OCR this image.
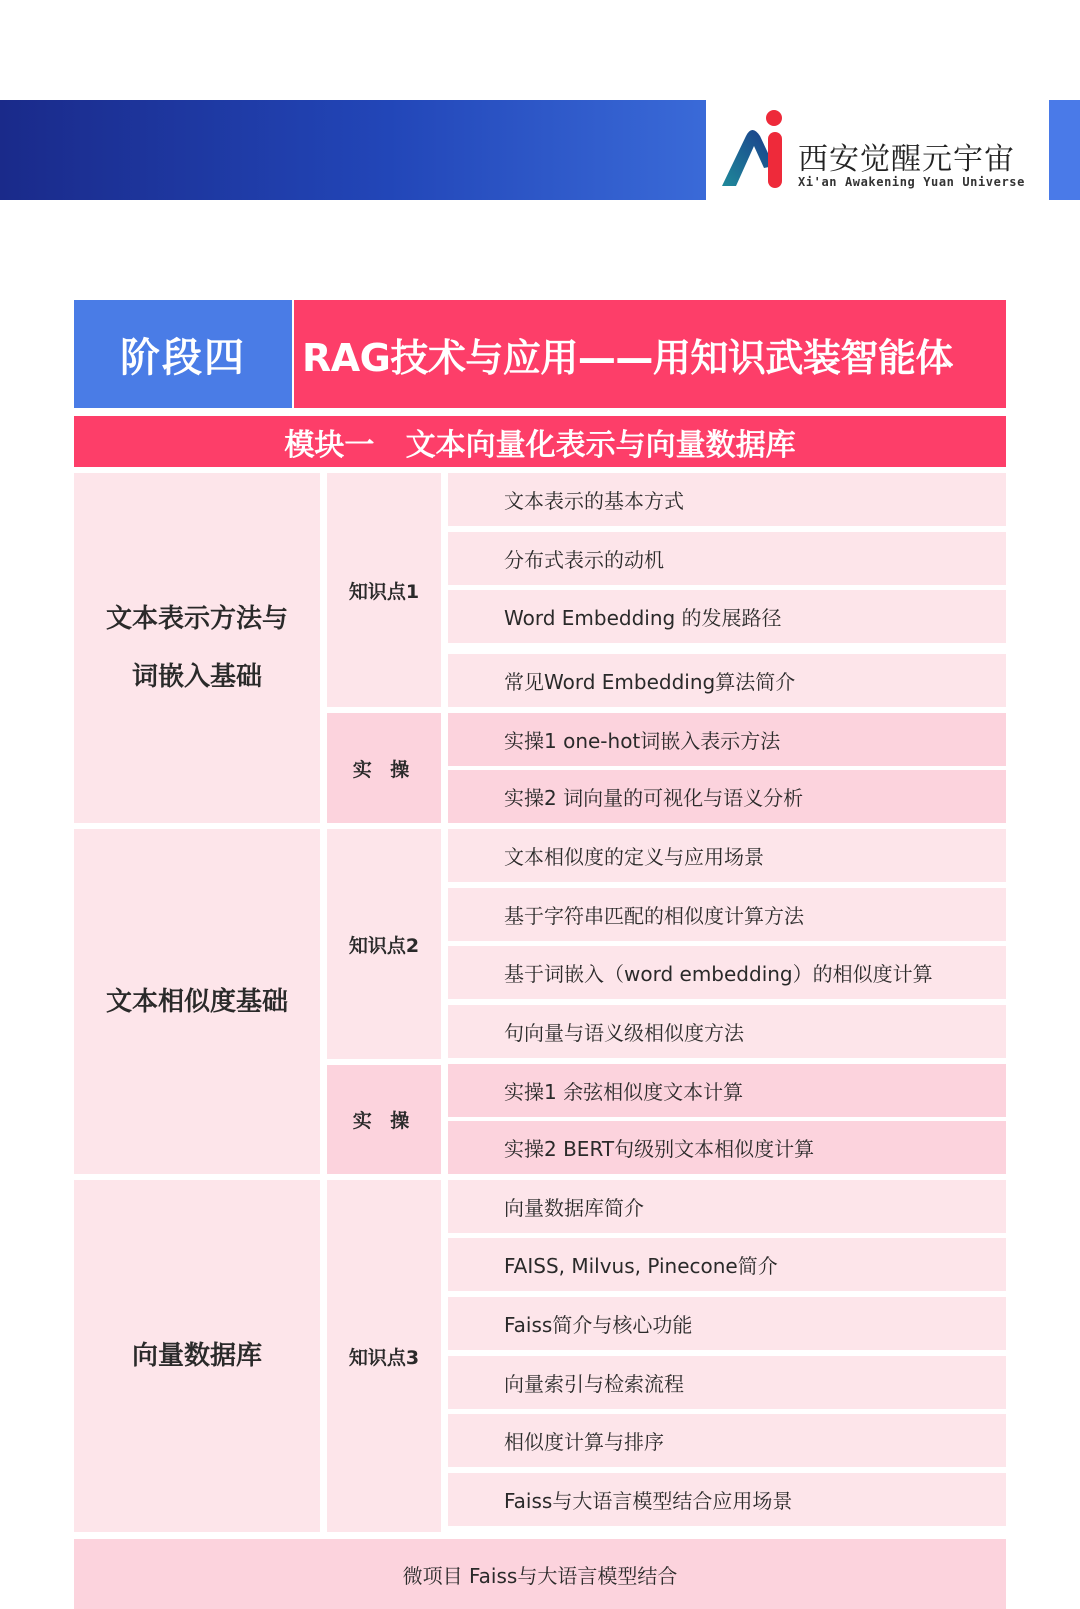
西安觉醒元宇宙
Xi'an Awakening Yuan Universe
阶段四	RAG技术与应用——用知识武装智能体
模块一   文本向量化表示与向量数据库
文本表示方法与
词嵌入基础
知识点1
实 操
文本表示的基本方式
分布式表示的动机
Word Embedding 的发展路径
常见Word Embedding算法简介
实操1 one-hot词嵌入表示方法
实操2 词向量的可视化与语义分析
文本相似度基础
知识点2
实 操
文本相似度的定义与应用场景
基于字符串匹配的相似度计算方法
基于词嵌入（word embedding）的相似度计算
句向量与语义级相似度方法
实操1 余弦相似度文本计算
实操2 BERT句级别文本相似度计算
向量数据库	知识点3
向量数据库简介
FAISS, Milvus, Pinecone简介
Faiss简介与核心功能
向量索引与检索流程
相似度计算与排序
Faiss与大语言模型结合应用场景
微项目 Faiss与大语言模型结合
